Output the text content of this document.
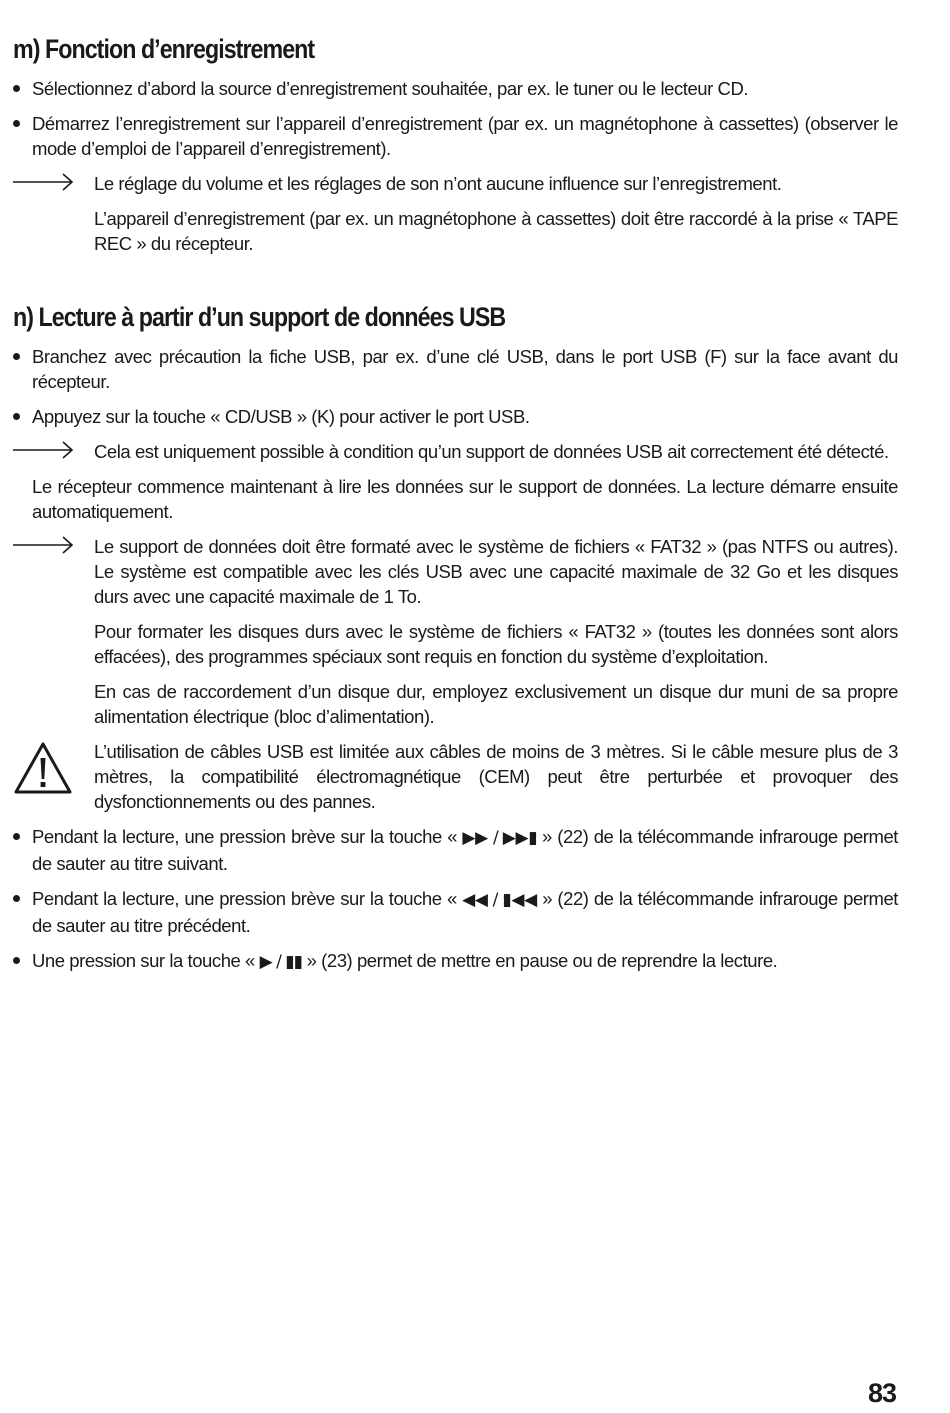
m) Fonction d’enregistrement
Sélectionnez d’abord la source d’enregistrement souhaitée, par ex. le tuner ou le lecteur CD.
Démarrez l’enregistrement sur l’appareil d’enregistrement (par ex. un magnétophone à cassettes) (observer le mode d’emploi de l’appareil d’enregistrement).
Le réglage du volume et les réglages de son n’ont aucune influence sur l’enregistrement.
L’appareil d’enregistrement (par ex. un magnétophone à cassettes) doit être raccordé à la prise « TAPE REC » du récepteur.
n) Lecture à partir d’un support de données USB
Branchez avec précaution la fiche USB, par ex. d’une clé USB, dans le port USB (F) sur la face avant du récepteur.
Appuyez sur la touche « CD/USB » (K) pour activer le port USB.
Cela est uniquement possible à condition qu’un support de données USB ait correctement été détecté.

Le récepteur commence maintenant à lire les données sur le support de données. La lecture démarre ensuite automatiquement.

Le support de données doit être formaté avec le système de fichiers « FAT32 » (pas NTFS ou autres). Le système est compatible avec les clés USB avec une capacité maximale de 32 Go et les disques durs avec une capacité maximale de 1 To.
Pour formater les disques durs avec le système de fichiers « FAT32 » (toutes les données sont alors effacées), des programmes spéciaux sont requis en fonction du système d’exploitation.
En cas de raccordement d’un disque dur, employez exclusivement un disque dur muni de sa propre alimentation électrique (bloc d’alimentation).
L’utilisation de câbles USB est limitée aux câbles de moins de 3 mètres. Si le câble mesure plus de 3 mètres, la compatibilité électromagnétique (CEM) peut être perturbée et provoquer des dysfonctionnements ou des pannes.
Pendant la lecture, une pression brève sur la touche « ▶▶ / ▶▶▮ » (22) de la télécommande infrarouge permet de sauter au titre suivant.
Pendant la lecture, une pression brève sur la touche « ◀◀ / ▮◀◀ » (22) de la télécommande infrarouge permet de sauter au titre précédent.
Une pression sur la touche « ▶ / ▮▮ » (23) permet de mettre en pause ou de reprendre la lecture.
83
